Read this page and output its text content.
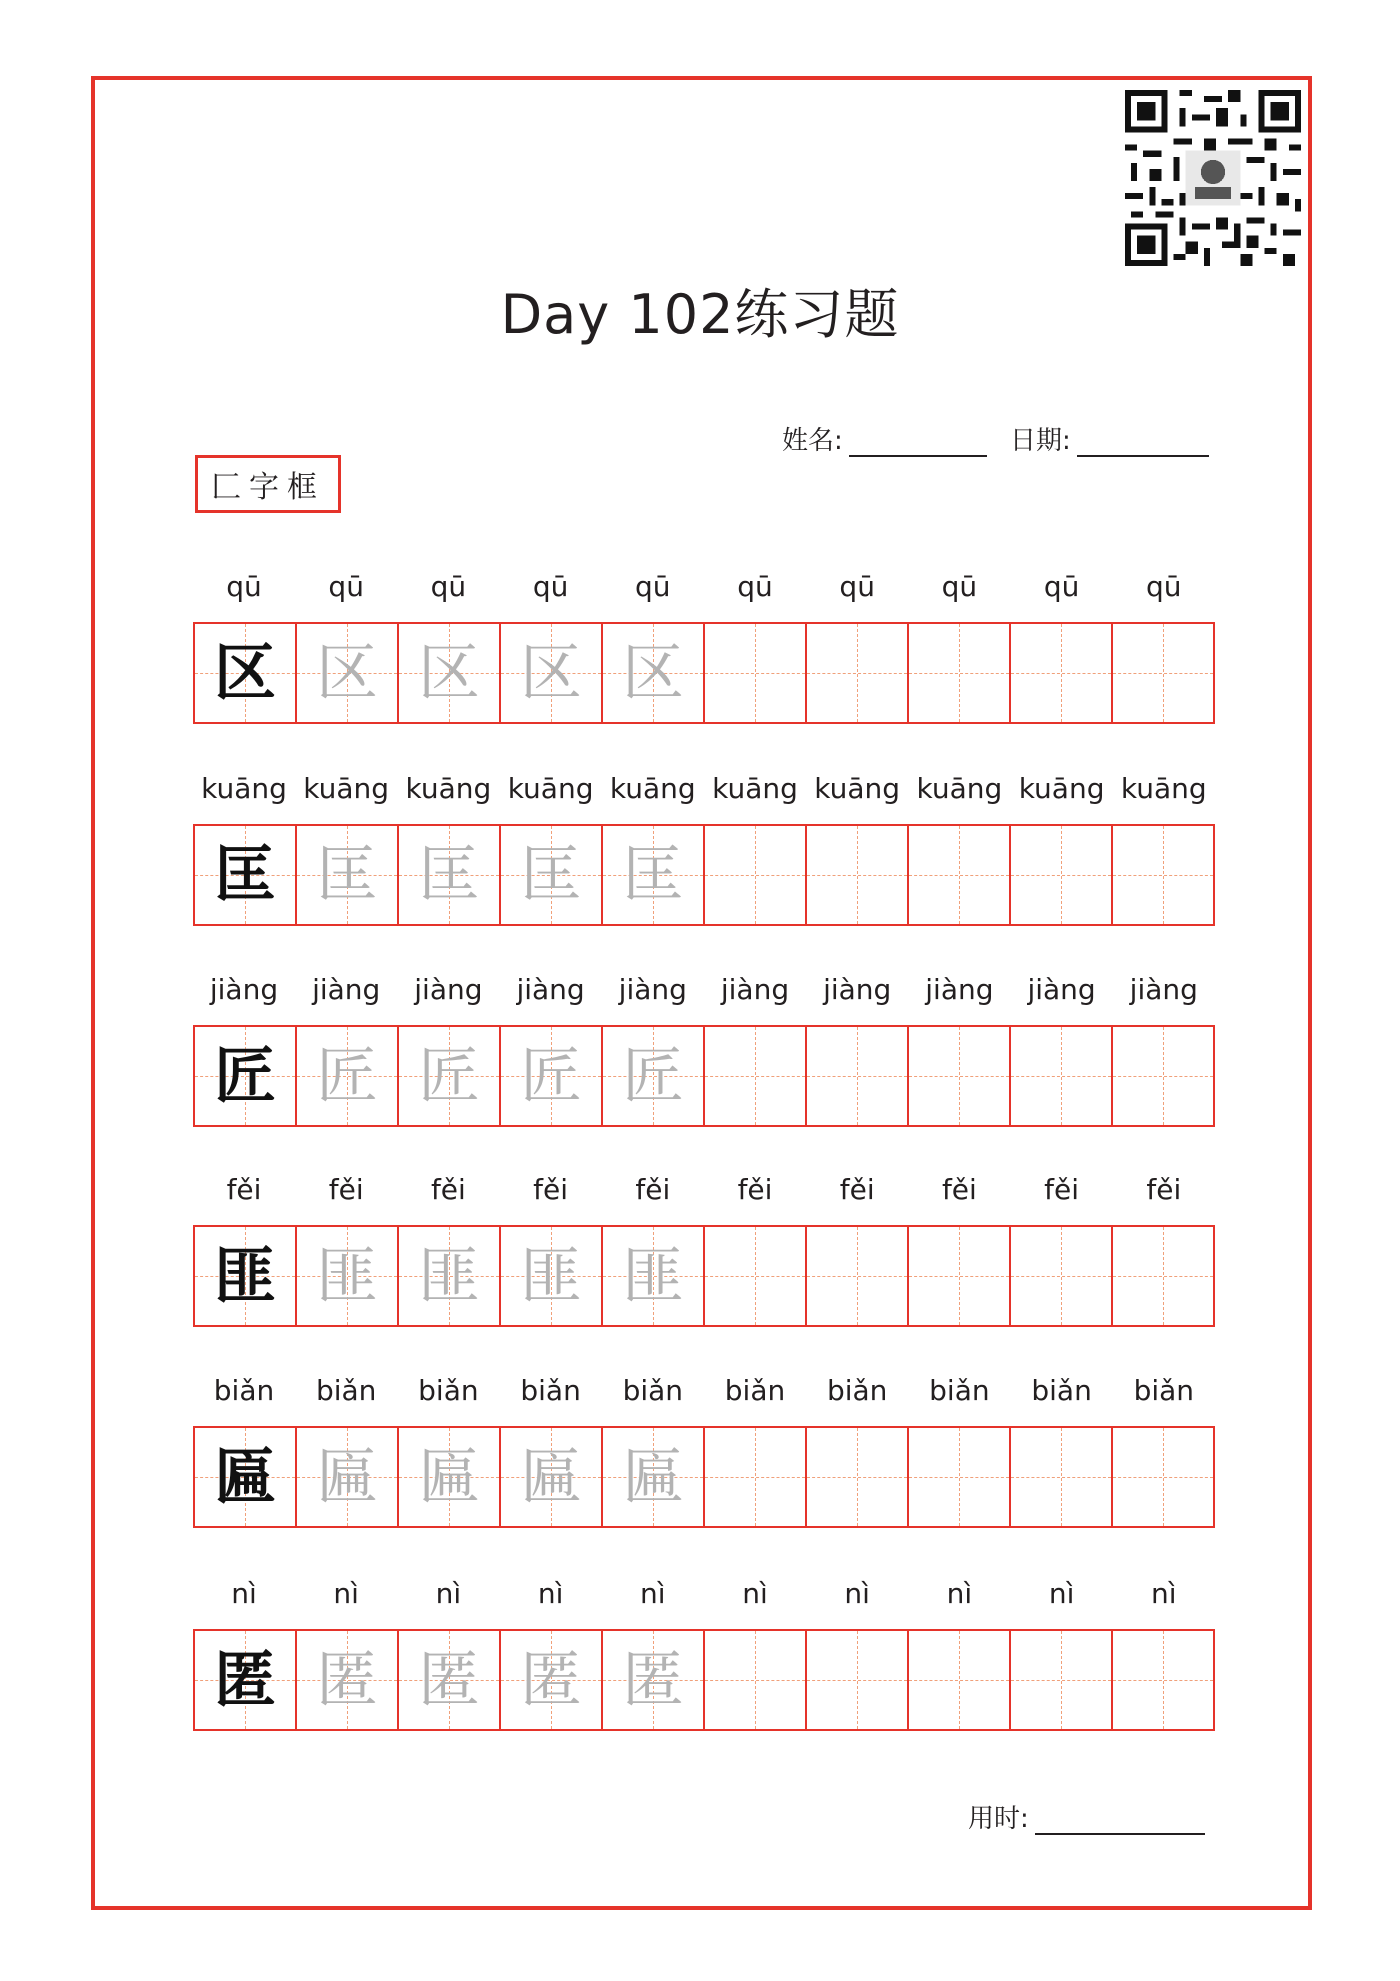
Day 102练习题
姓名:	日期:
匚字框
qū	qū	qū	qū	qū	qū	qū	qū	qū	qū
区 区 区 区 区
kuāng kuāng kuāng kuāng kuāng kuāng kuāng kuāng kuāng kuāng
匡 匡 匡 匡 匡
jiàng	jiàng	jiàng	jiàng	jiàng	jiàng	jiàng	jiàng	jiàng	jiàng
匠 匠 匠 匠 匠
fěi	fěi	fěi	fěi	fěi	fěi	fěi	fěi	fěi	fěi
匪 匪 匪 匪 匪
biǎn	biǎn	biǎn	biǎn	biǎn	biǎn	biǎn	biǎn	biǎn	biǎn
匾 匾 匾 匾 匾
nì	nì	nì	nì	nì	nì	nì	nì	nì	nì
匿 匿 匿 匿 匿
用时:
